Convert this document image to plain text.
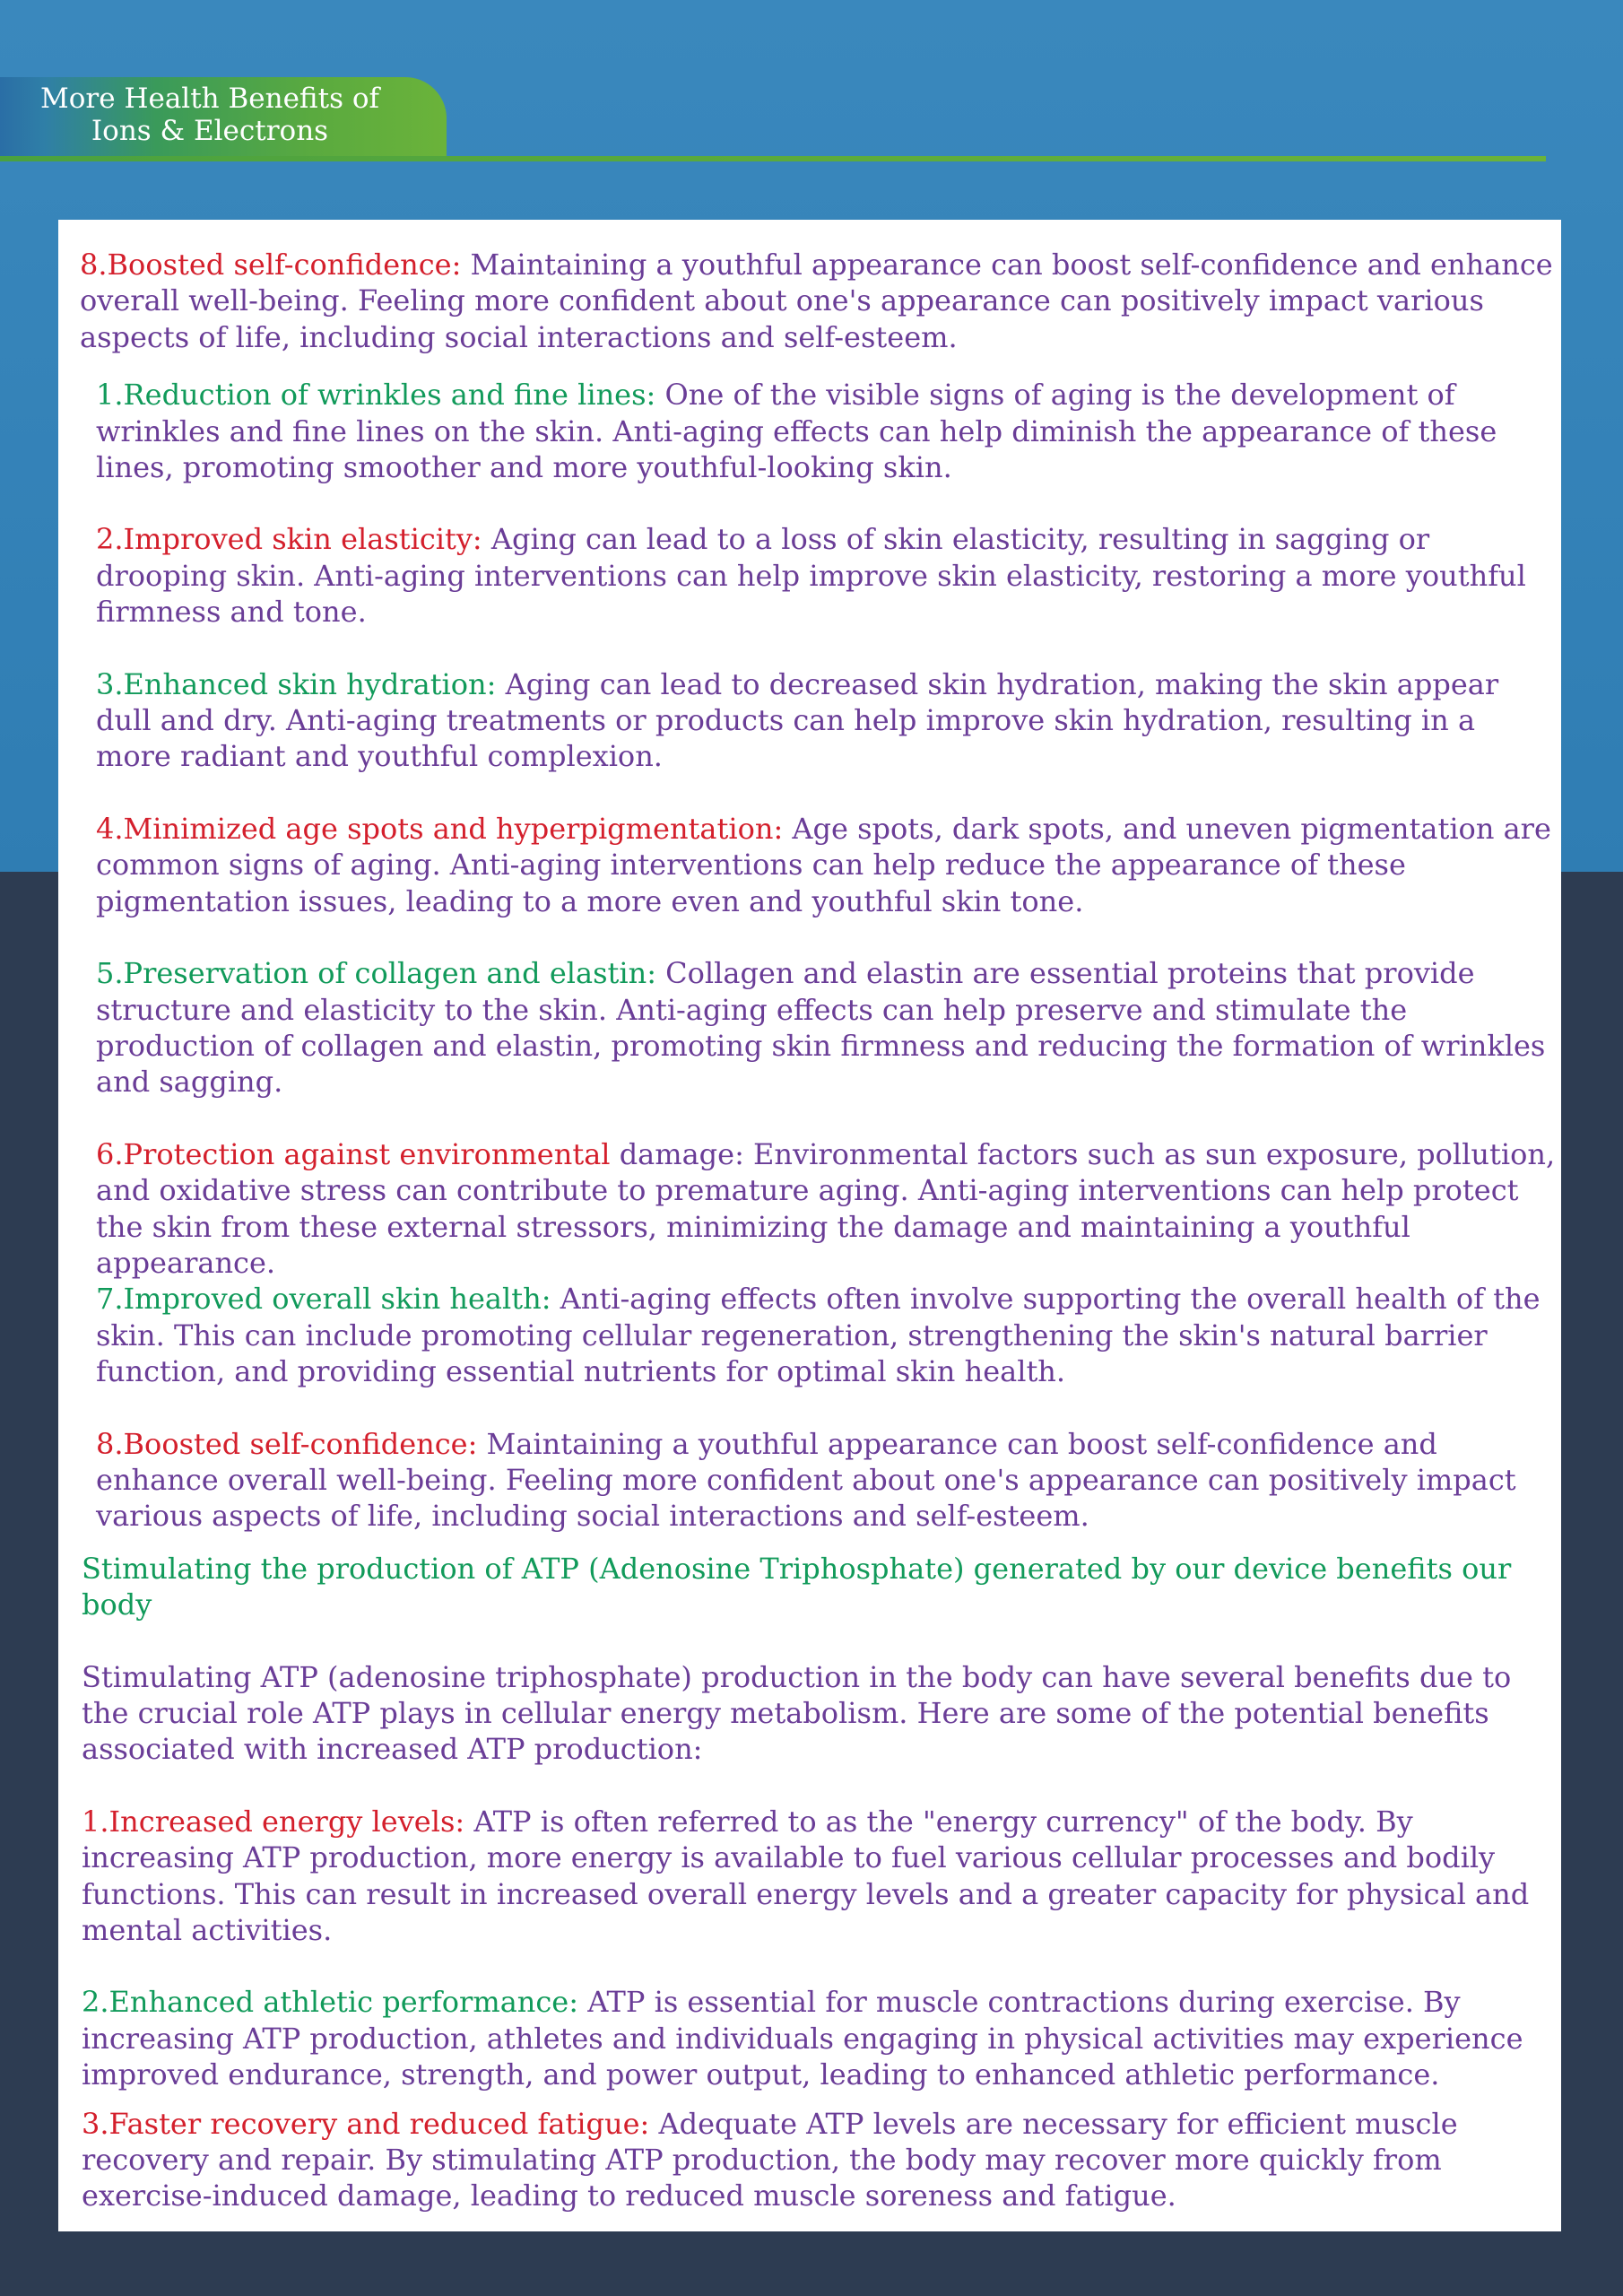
More Health Benefits of
Ions & Electrons

8.Boosted self-confidence: Maintaining a youthful appearance can boost self-confidence and enhance overall well-being. Feeling more confident about one's appearance can positively impact various aspects of life, including social interactions and self-esteem.

1.Reduction of wrinkles and fine lines: One of the visible signs of aging is the development of wrinkles and fine lines on the skin. Anti-aging effects can help diminish the appearance of these lines, promoting smoother and more youthful-looking skin.

2.Improved skin elasticity: Aging can lead to a loss of skin elasticity, resulting in sagging or drooping skin. Anti-aging interventions can help improve skin elasticity, restoring a more youthful firmness and tone.

3.Enhanced skin hydration: Aging can lead to decreased skin hydration, making the skin appear dull and dry. Anti-aging treatments or products can help improve skin hydration, resulting in a more radiant and youthful complexion.

4.Minimized age spots and hyperpigmentation: Age spots, dark spots, and uneven pigmentation are common signs of aging. Anti-aging interventions can help reduce the appearance of these pigmentation issues, leading to a more even and youthful skin tone.

5.Preservation of collagen and elastin: Collagen and elastin are essential proteins that provide structure and elasticity to the skin. Anti-aging effects can help preserve and stimulate the production of collagen and elastin, promoting skin firmness and reducing the formation of wrinkles and sagging.

6.Protection against environmental damage: Environmental factors such as sun exposure, pollution, and oxidative stress can contribute to premature aging. Anti-aging interventions can help protect the skin from these external stressors, minimizing the damage and maintaining a youthful appearance.

7.Improved overall skin health: Anti-aging effects often involve supporting the overall health of the skin. This can include promoting cellular regeneration, strengthening the skin's natural barrier function, and providing essential nutrients for optimal skin health.

8.Boosted self-confidence: Maintaining a youthful appearance can boost self-confidence and enhance overall well-being. Feeling more confident about one's appearance can positively impact various aspects of life, including social interactions and self-esteem.

Stimulating the production of ATP (Adenosine Triphosphate) generated by our device benefits our body

Stimulating ATP (adenosine triphosphate) production in the body can have several benefits due to the crucial role ATP plays in cellular energy metabolism. Here are some of the potential benefits associated with increased ATP production:

1.Increased energy levels: ATP is often referred to as the "energy currency" of the body. By increasing ATP production, more energy is available to fuel various cellular processes and bodily functions. This can result in increased overall energy levels and a greater capacity for physical and mental activities.

2.Enhanced athletic performance: ATP is essential for muscle contractions during exercise. By increasing ATP production, athletes and individuals engaging in physical activities may experience improved endurance, strength, and power output, leading to enhanced athletic performance.

3.Faster recovery and reduced fatigue: Adequate ATP levels are necessary for efficient muscle recovery and repair. By stimulating ATP production, the body may recover more quickly from exercise-induced damage, leading to reduced muscle soreness and fatigue.
